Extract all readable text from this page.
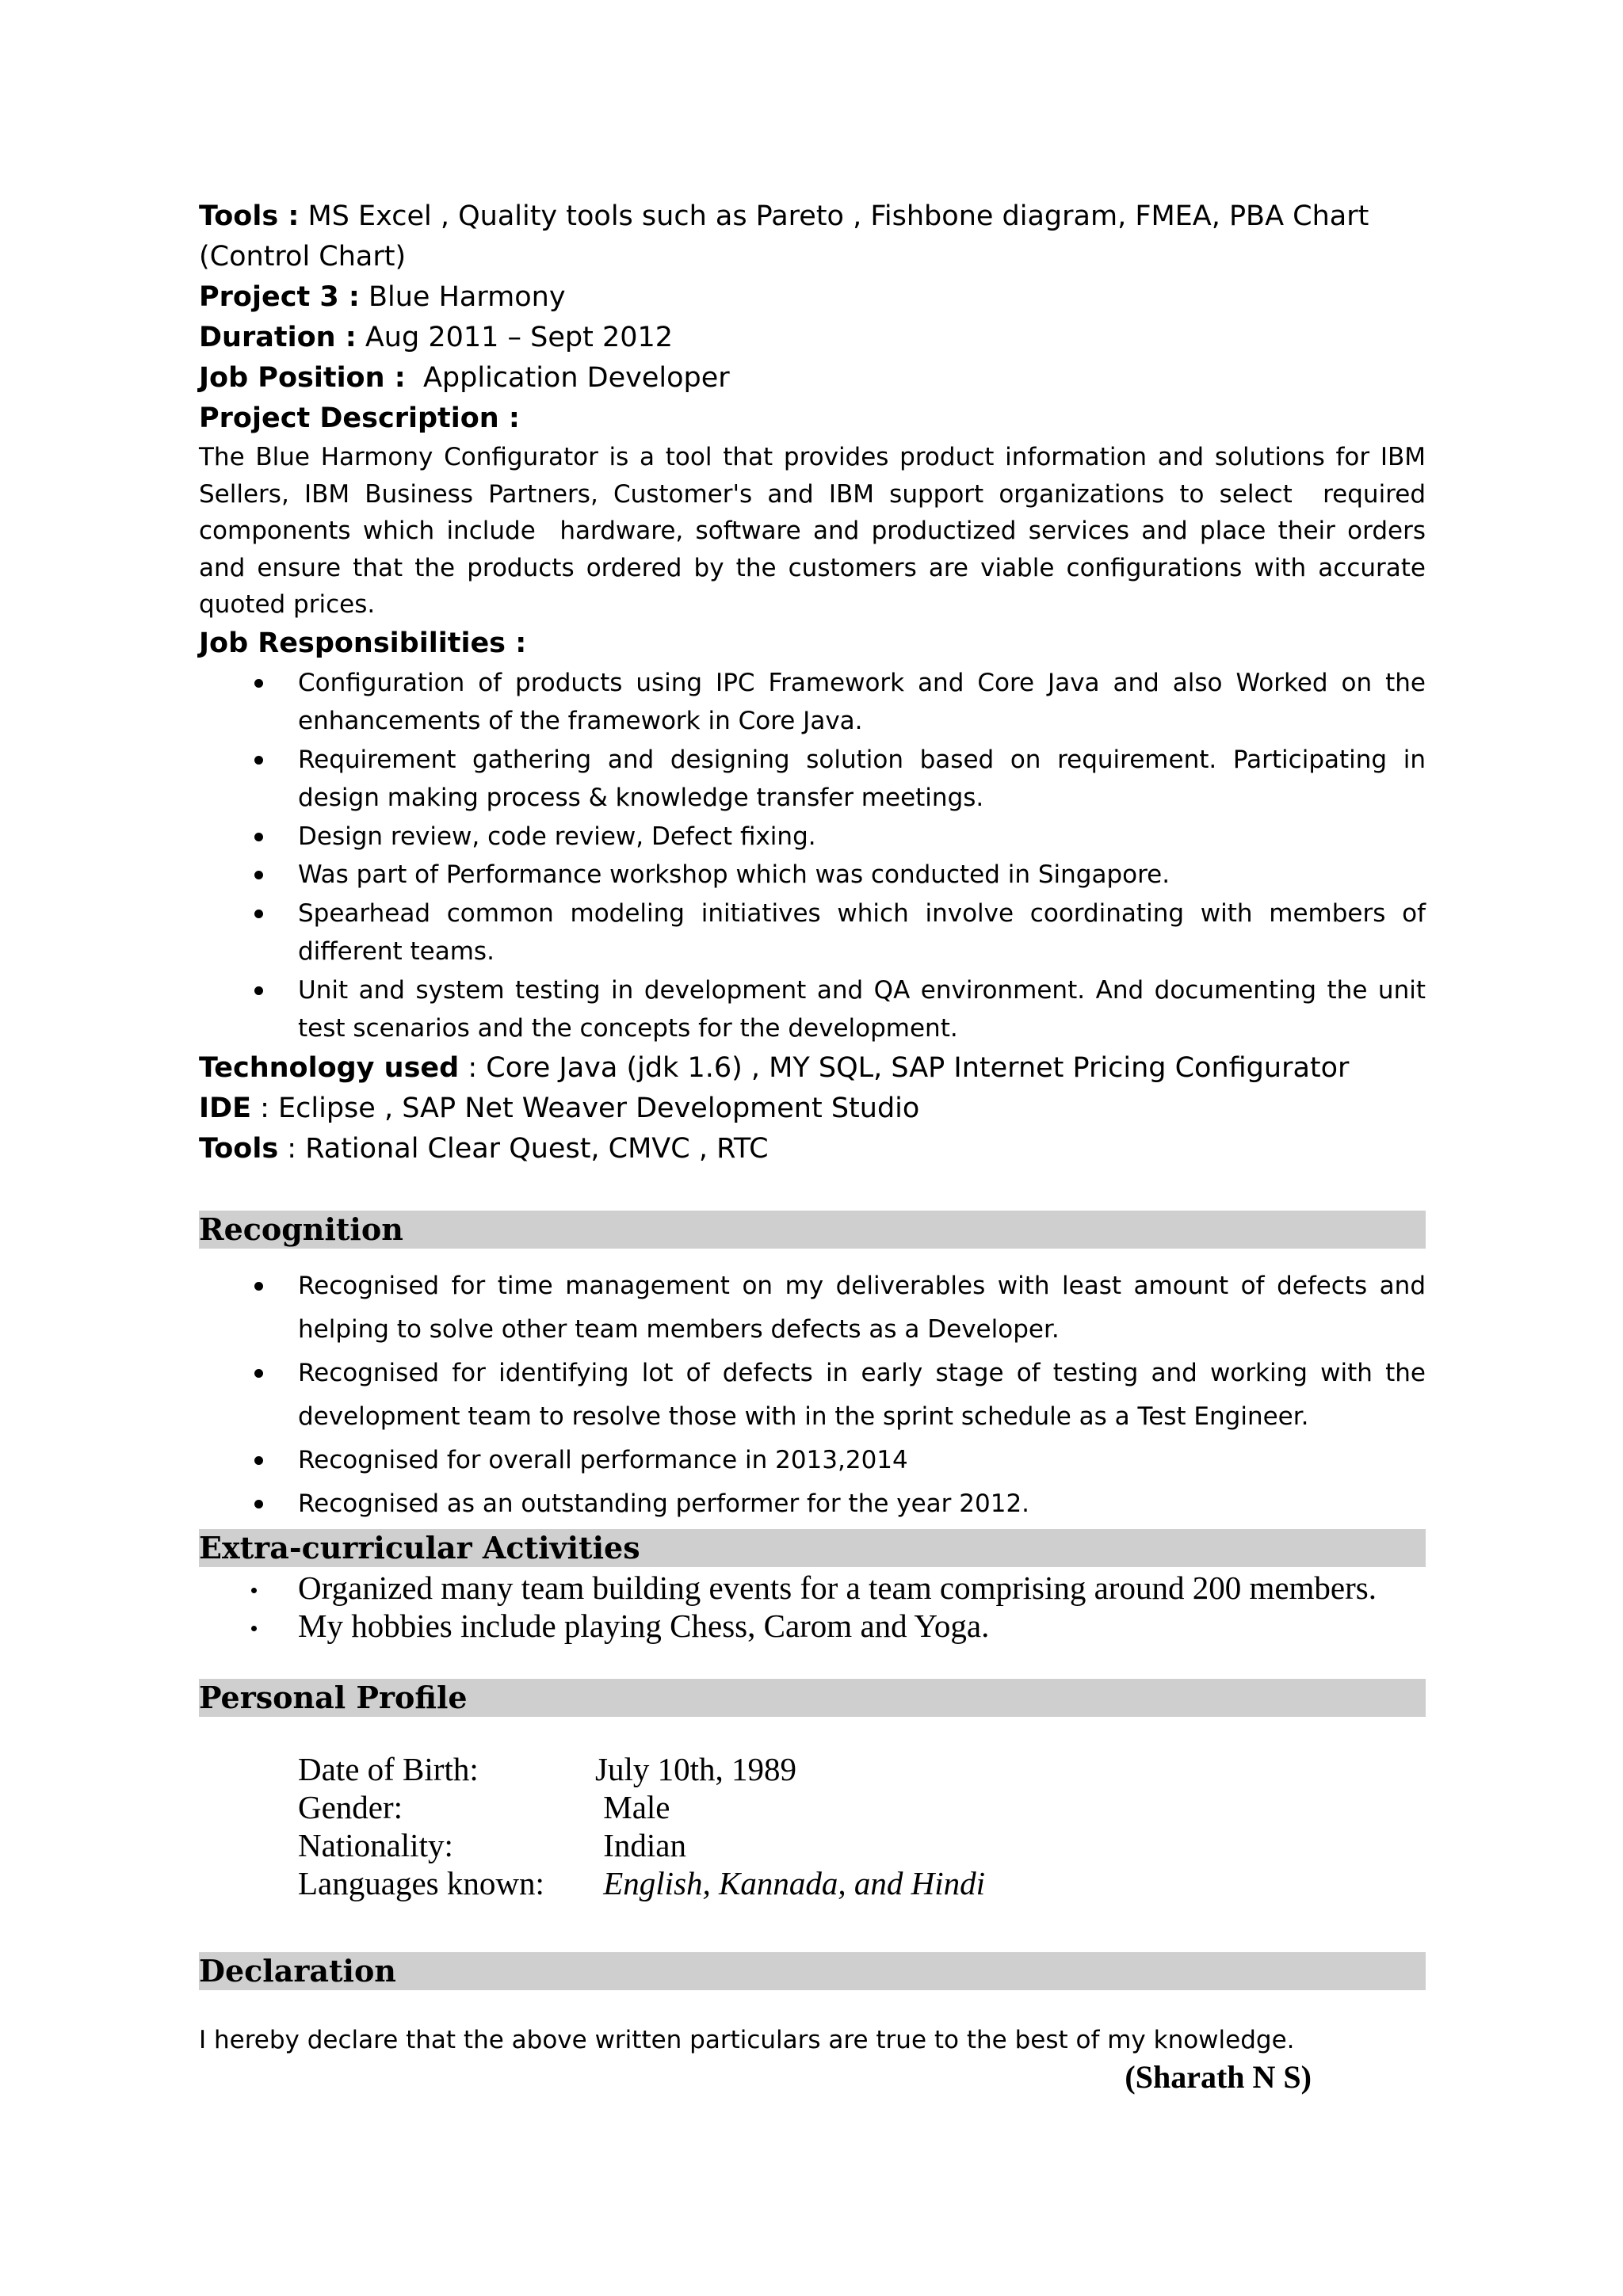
Tools : MS Excel , Quality tools such as Pareto , Fishbone diagram, FMEA, PBA Chart (Control Chart)

Project 3 : Blue Harmony

Duration : Aug 2011 – Sept 2012

Job Position :  Application Developer

Project Description :

The Blue Harmony Configurator is a tool that provides product information and solutions for IBM Sellers, IBM Business Partners, Customer's and IBM support organizations to select  required components which include  hardware, software and productized services and place their orders and ensure that the products ordered by the customers are viable configurations with accurate quoted prices.

Job Responsibilities :

Configuration of products using IPC Framework and Core Java and also Worked on the enhancements of the framework in Core Java.
Requirement gathering and designing solution based on requirement. Participating in design making process & knowledge transfer meetings.
Design review, code review, Defect fixing.
Was part of Performance workshop which was conducted in Singapore.
Spearhead common modeling initiatives which involve coordinating with members of different teams.
Unit and system testing in development and QA environment. And documenting the unit test scenarios and the concepts for the development.

Technology used : Core Java (jdk 1.6) , MY SQL, SAP Internet Pricing Configurator

IDE : Eclipse , SAP Net Weaver Development Studio

Tools : Rational Clear Quest, CMVC , RTC

Recognition
Recognised for time management on my deliverables with least amount of defects and helping to solve other team members defects as a Developer.
Recognised for identifying lot of defects in early stage of testing and working with the development team to resolve those with in the sprint schedule as a Test Engineer.
Recognised for overall performance in 2013,2014
Recognised as an outstanding performer for the year 2012.
Extra-curricular Activities
Organized many team building events for a team comprising around 200 members.
My hobbies include playing Chess, Carom and Yoga.
Personal Profile
Date of Birth:	July 10th, 1989
Gender:	Male
Nationality:	Indian
Languages known:	English, Kannada, and Hindi
Declaration

I hereby declare that the above written particulars are true to the best of my knowledge.

(Sharath N S)
